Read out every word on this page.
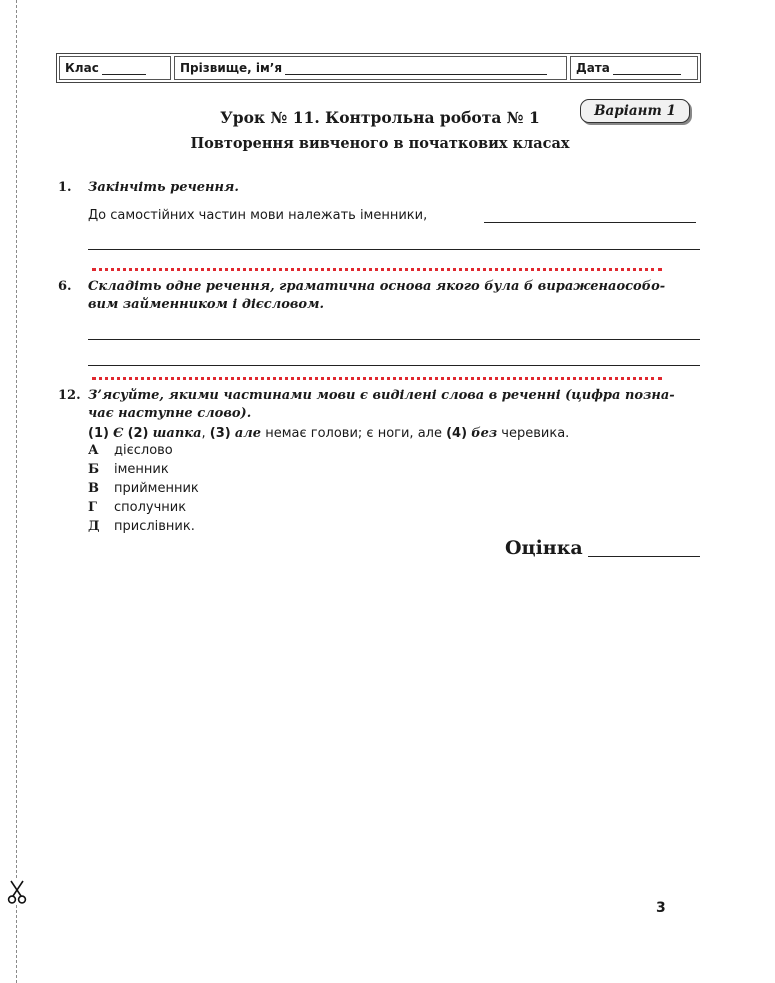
Клас	Прізвище, ім’я	Дата
Урок № 11. Контрольна робота № 1	Варіант 1
Повторення вивченого в початкових класах
1. Закінчіть речення.
До самостійних частин мови належать іменники,
6. Складіть одне речення, граматична основа якого була б вираженаособо-
вим займенником і дієсловом.
12. З’ясуйте, якими частинами мови є виділені слова в реченні (цифра позна-
чає наступне слово).
(1) Є (2) шапка, (3) але немає голови; є ноги, але (4) без черевика.
А дієслово
Б іменник
В прийменник
Г сполучник
Д прислівник.
Оцінка
3
